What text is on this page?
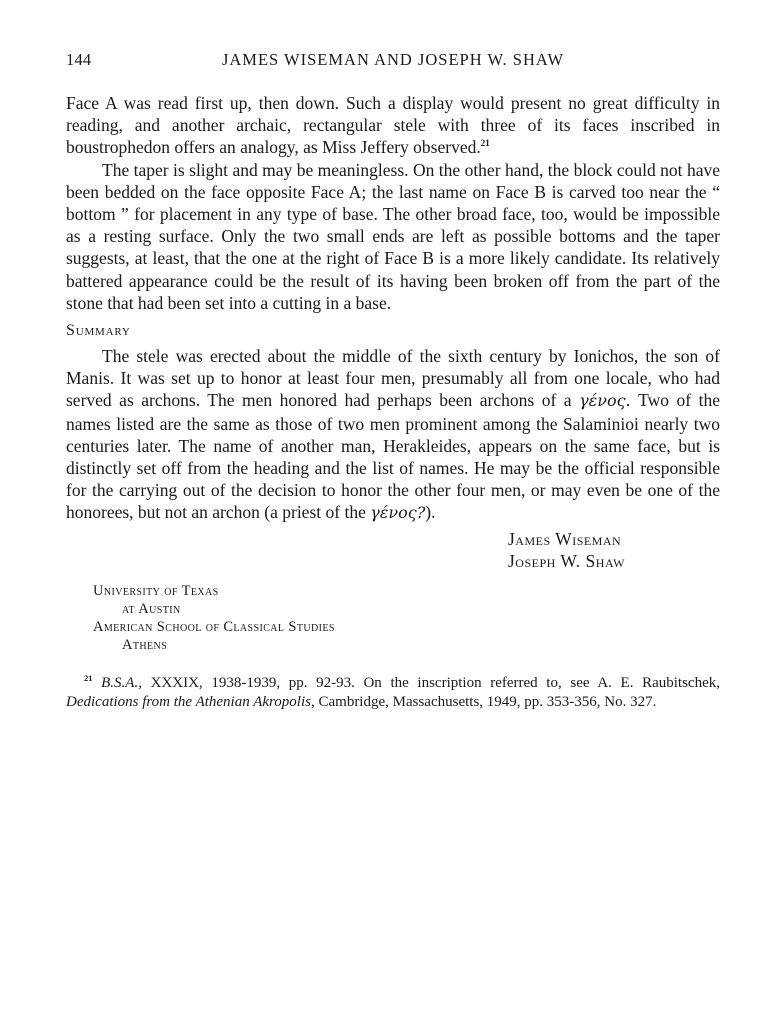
144	JAMES WISEMAN AND JOSEPH W. SHAW

Face A was read first up, then down. Such a display would present no great difficulty in reading, and another archaic, rectangular stele with three of its faces inscribed in boustrophedon offers an analogy, as Miss Jeffery observed.$^{21}$

The taper is slight and may be meaningless. On the other hand, the block could not have been bedded on the face opposite Face A; the last name on Face B is carved too near the “ bottom ” for placement in any type of base. The other broad face, too, would be impossible as a resting surface. Only the two small ends are left as possible bottoms and the taper suggests, at least, that the one at the right of Face B is a more likely candidate. Its relatively battered appearance could be the result of its having been broken off from the part of the stone that had been set into a cutting in a base.

Summary

The stele was erected about the middle of the sixth century by Ionichos, the son of Manis. It was set up to honor at least four men, presumably all from one locale, who had served as archons. The men honored had perhaps been archons of a γένος. Two of the names listed are the same as those of two men prominent among the Salaminioi nearly two centuries later. The name of another man, Herakleides, appears on the same face, but is distinctly set off from the heading and the list of names. He may be the official responsible for the carrying out of the decision to honor the other four men, or may even be one of the honorees, but not an archon (a priest of the γένος?).

James Wiseman
Joseph W. Shaw
University of Texas
at Austin
American School of Classical Studies
Athens
$^{21}$ B.S.A., XXXIX, 1938-1939, pp. 92-93. On the inscription referred to, see A. E. Raubitschek, Dedications from the Athenian Akropolis, Cambridge, Massachusetts, 1949, pp. 353-356, No. 327.
